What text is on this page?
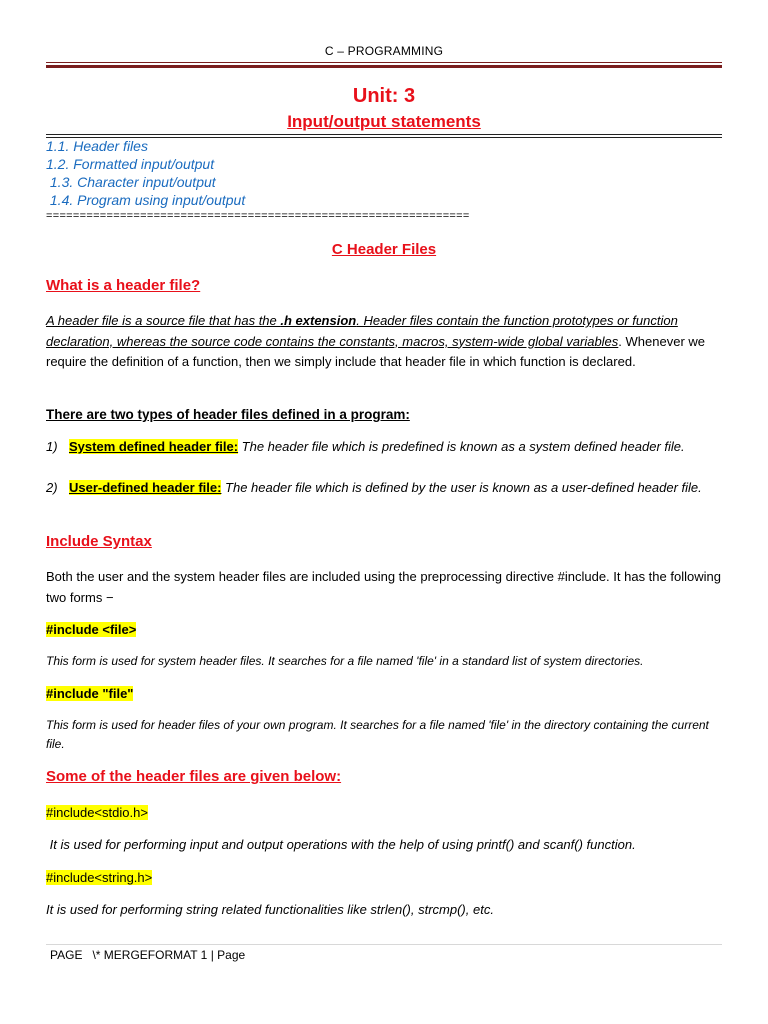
C – PROGRAMMING
Unit: 3
Input/output statements
1.1. Header files
1.2. Formatted input/output
1.3. Character input/output
1.4. Program using input/output
===============================================================
C Header Files
What is a header file?
A header file is a source file that has the .h extension. Header files contain the function prototypes or function declaration, whereas the source code contains the constants, macros, system-wide global variables. Whenever we require the definition of a function, then we simply include that header file in which function is declared.
There are two types of header files defined in a program:
1) System defined header file: The header file which is predefined is known as a system defined header file.
2) User-defined header file: The header file which is defined by the user is known as a user-defined header file.
Include Syntax
Both the user and the system header files are included using the preprocessing directive #include. It has the following two forms −
#include <file>
This form is used for system header files. It searches for a file named 'file' in a standard list of system directories.
#include "file"
This form is used for header files of your own program. It searches for a file named 'file' in the directory containing the current file.
Some of the header files are given below:
#include<stdio.h>
It is used for performing input and output operations with the help of using printf() and scanf() function.
#include<string.h>
It is used for performing string related functionalities like strlen(), strcmp(), etc.
PAGE   \* MERGEFORMAT 1 | Page
